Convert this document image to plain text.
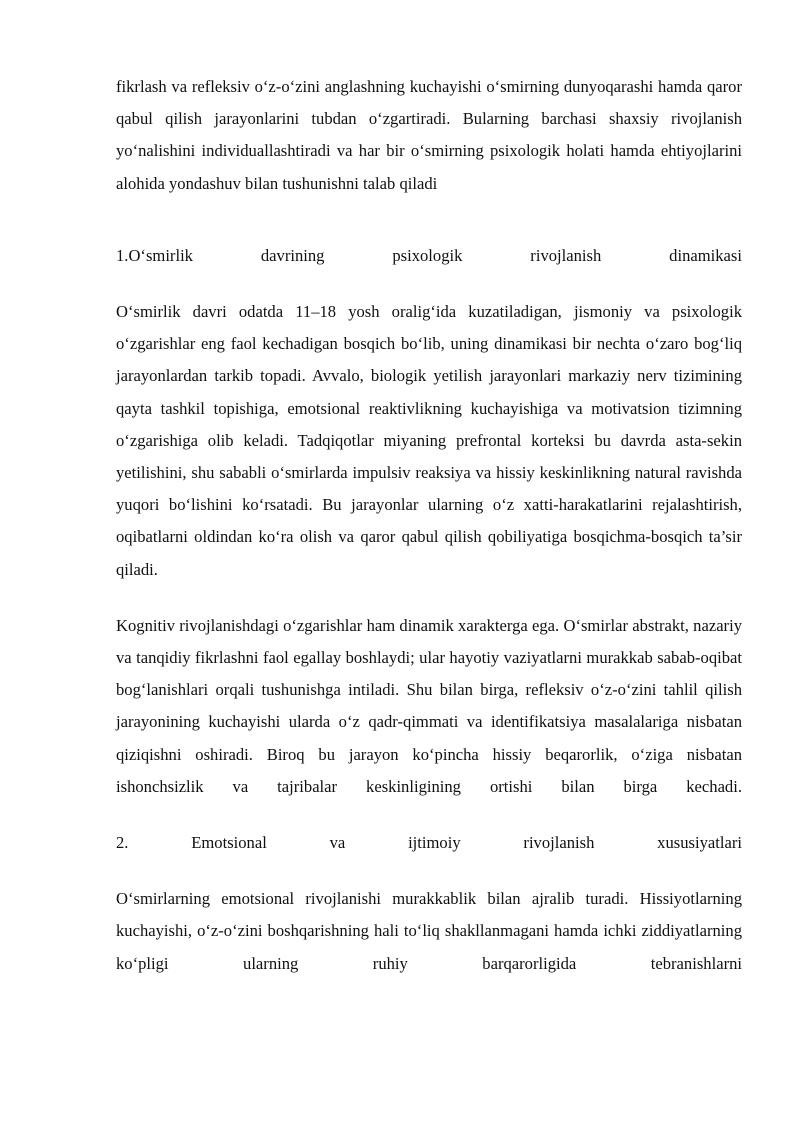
fikrlash va refleksiv o‘z-o‘zini anglashning kuchayishi o‘smirning dunyoqarashi hamda qaror qabul qilish jarayonlarini tubdan o‘zgartiradi. Bularning barchasi shaxsiy rivojlanish yo‘nalishini individuallashtiradi va har bir o‘smirning psixologik holati hamda ehtiyojlarini alohida yondashuv bilan tushunishni talab qiladi

1.O‘smirlik davrining psixologik rivojlanish dinamikasi

O‘smirlik davri odatda 11–18 yosh oralig‘ida kuzatiladigan, jismoniy va psixologik o‘zgarishlar eng faol kechadigan bosqich bo‘lib, uning dinamikasi bir nechta o‘zaro bog‘liq jarayonlardan tarkib topadi. Avvalo, biologik yetilish jarayonlari markaziy nerv tizimining qayta tashkil topishiga, emotsional reaktivlikning kuchayishiga va motivatsion tizimning o‘zgarishiga olib keladi. Tadqiqotlar miyaning prefrontal korteksi bu davrda asta-sekin yetilishini, shu sababli o‘smirlarda impulsiv reaksiya va hissiy keskinlikning natural ravishda yuqori bo‘lishini ko‘rsatadi. Bu jarayonlar ularning o‘z xatti-harakatlarini rejalashtirish, oqibatlarni oldindan ko‘ra olish va qaror qabul qilish qobiliyatiga bosqichma-bosqich ta’sir qiladi.

Kognitiv rivojlanishdagi o‘zgarishlar ham dinamik xarakterga ega. O‘smirlar abstrakt, nazariy va tanqidiy fikrlashni faol egallay boshlaydi; ular hayotiy vaziyatlarni murakkab sabab-oqibat bog‘lanishlari orqali tushunishga intiladi. Shu bilan birga, refleksiv o‘z-o‘zini tahlil qilish jarayonining kuchayishi ularda o‘z qadr-qimmati va identifikatsiya masalalariga nisbatan qiziqishni oshiradi. Biroq bu jarayon ko‘pincha hissiy beqarorlik, o‘ziga nisbatan ishonchsizlik va tajribalar keskinligining ortishi bilan birga kechadi.

2. Emotsional va ijtimoiy rivojlanish xususiyatlari

O‘smirlarning emotsional rivojlanishi murakkablik bilan ajralib turadi. Hissiyotlarning kuchayishi, o‘z-o‘zini boshqarishning hali to‘liq shakllanmagani hamda ichki ziddiyatlarning ko‘pligi ularning ruhiy barqarorligida tebranishlarni
